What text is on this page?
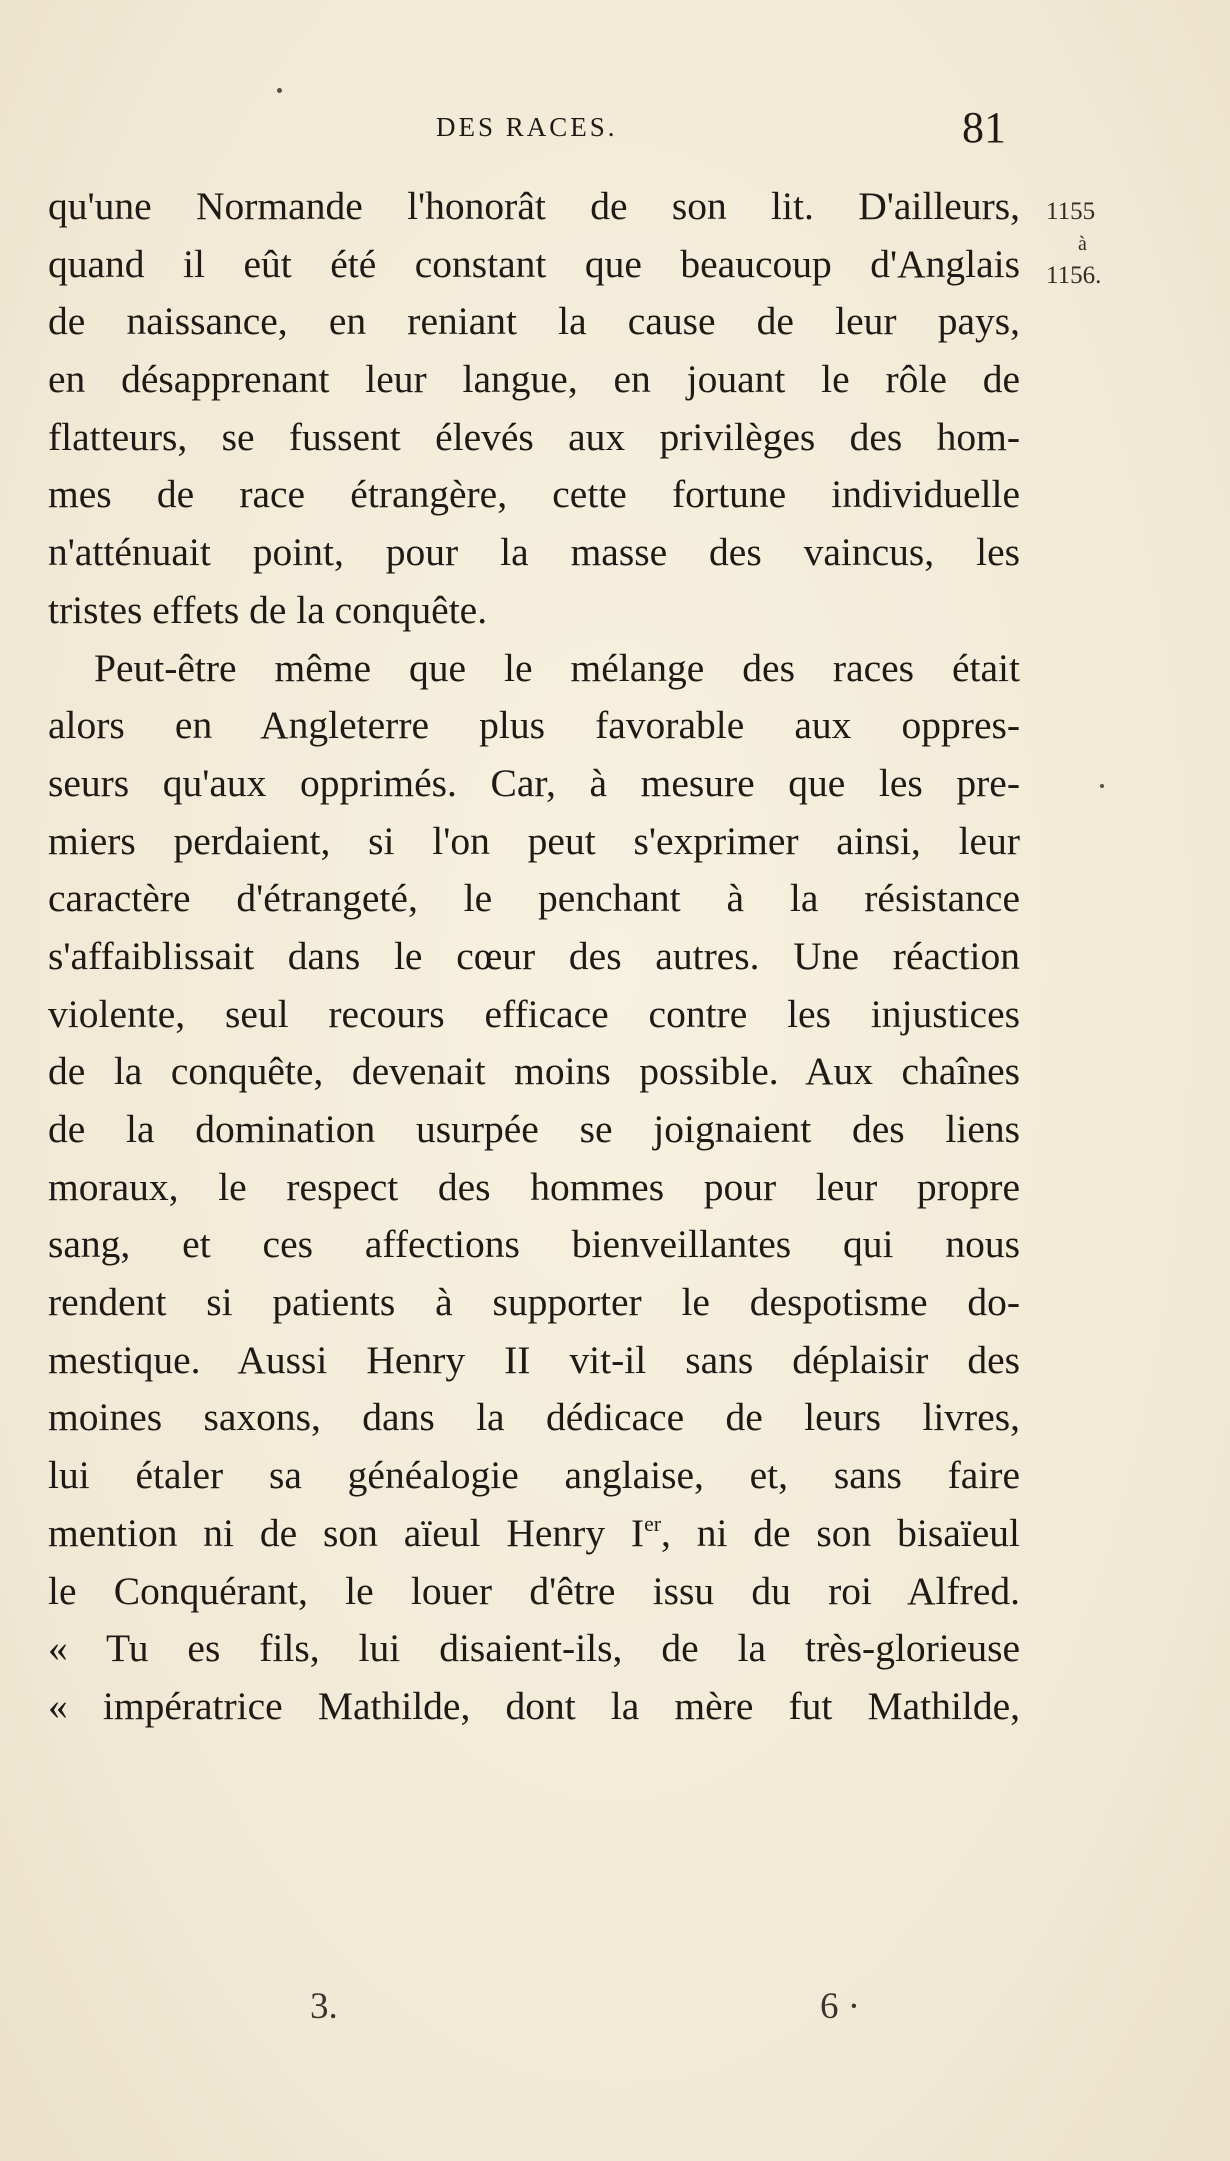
DES RACES.	81
1155
à
1156.
qu'une Normande l'honorât de son lit. D'ailleurs,
quand il eût été constant que beaucoup d'Anglais
de naissance, en reniant la cause de leur pays,
en désapprenant leur langue, en jouant le rôle de
flatteurs, se fussent élevés aux privilèges des hom-
mes de race étrangère, cette fortune individuelle
n'atténuait point, pour la masse des vaincus, les
tristes effets de la conquête.
Peut-être même que le mélange des races était
alors en Angleterre plus favorable aux oppres-
seurs qu'aux opprimés. Car, à mesure que les pre-
miers perdaient, si l'on peut s'exprimer ainsi, leur
caractère d'étrangeté, le penchant à la résistance
s'affaiblissait dans le cœur des autres. Une réaction
violente, seul recours efficace contre les injustices
de la conquête, devenait moins possible. Aux chaînes
de la domination usurpée se joignaient des liens
moraux, le respect des hommes pour leur propre
sang, et ces affections bienveillantes qui nous
rendent si patients à supporter le despotisme do-
mestique. Aussi Henry II vit-il sans déplaisir des
moines saxons, dans la dédicace de leurs livres,
lui étaler sa généalogie anglaise, et, sans faire
mention ni de son aïeul Henry Ier, ni de son bisaïeul
le Conquérant, le louer d'être issu du roi Alfred.
« Tu es fils, lui disaient-ils, de la très-glorieuse
« impératrice Mathilde, dont la mère fut Mathilde,
3.	6 ·
